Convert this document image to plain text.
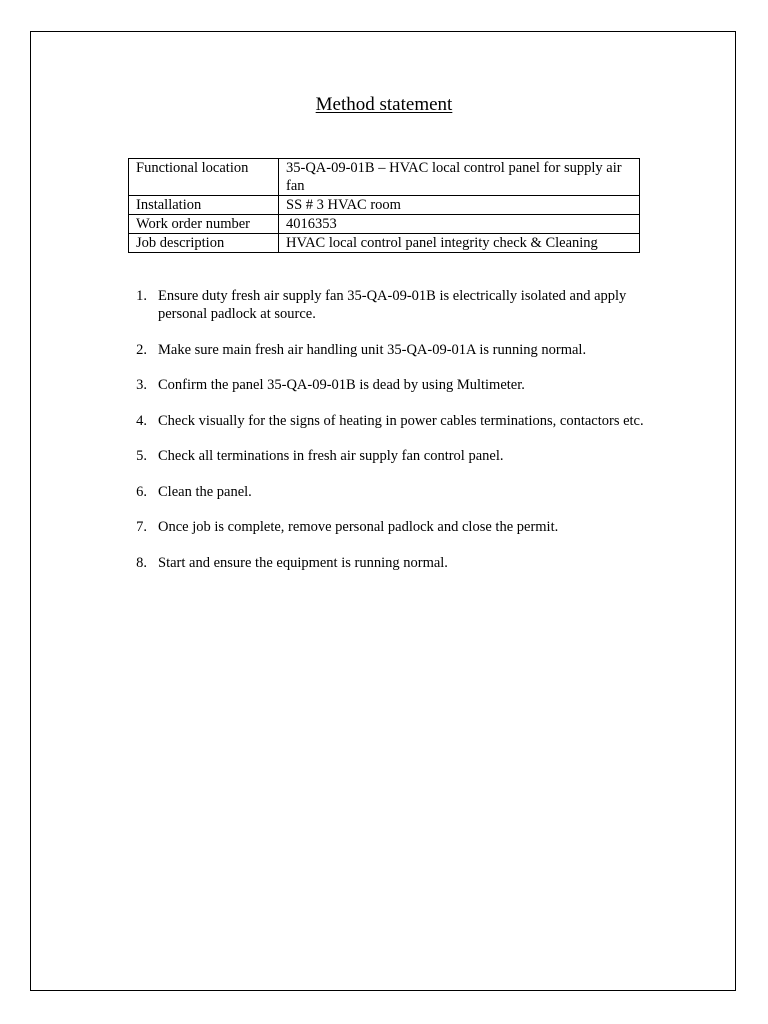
Method statement
Functional location	35-QA-09-01B – HVAC local control panel for supply air fan
Installation	SS # 3 HVAC room
Work order number	4016353
Job description	HVAC local control panel integrity check & Cleaning
1. Ensure duty fresh air supply fan 35-QA-09-01B is electrically isolated and apply personal padlock at source.
2. Make sure main fresh air handling unit 35-QA-09-01A is running normal.
3. Confirm the panel 35-QA-09-01B is dead by using Multimeter.
4. Check visually for the signs of heating in power cables terminations, contactors etc.
5. Check all terminations in fresh air supply fan control panel.
6. Clean the panel.
7. Once job is complete, remove personal padlock and close the permit.
8. Start and ensure the equipment is running normal.
